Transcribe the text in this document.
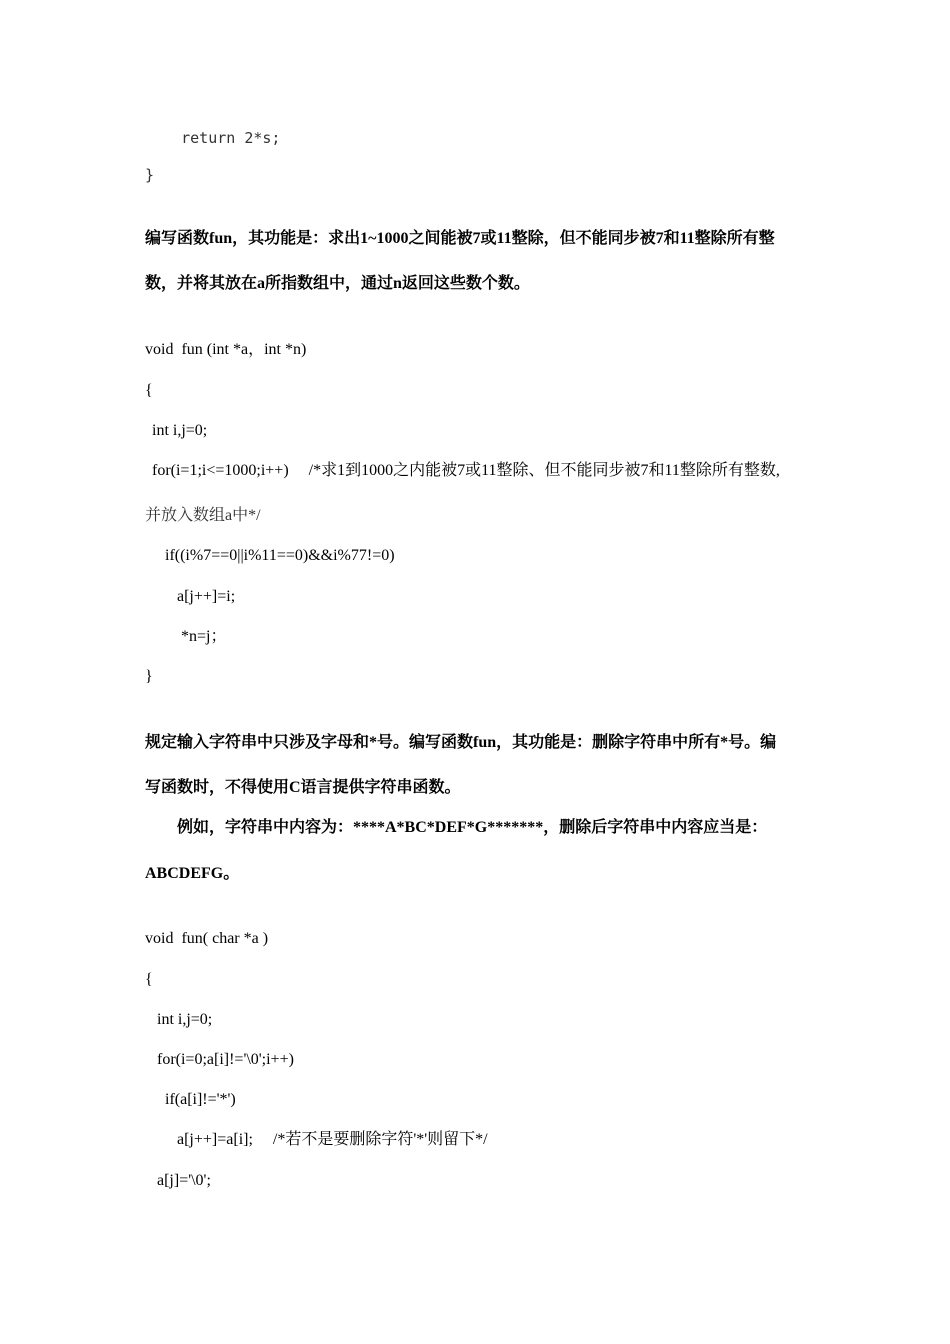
return 2*s;
}
编写函数fun，其功能是：求出1~1000之间能被7或11整除，但不能同步被7和11整除所有整
数，并将其放在a所指数组中，通过n返回这些数个数。
void  fun (int *a，int *n)
{
int i,j=0;
for(i=1;i<=1000;i++)     /*求1到1000之内能被7或11整除、但不能同步被7和11整除所有整数,
并放入数组a中*/
if((i%7==0||i%11==0)&&i%77!=0)
a[j++]=i;
*n=j；
}
规定输入字符串中只涉及字母和*号。编写函数fun，其功能是：删除字符串中所有*号。编
写函数时，不得使用C语言提供字符串函数。
例如，字符串中内容为：****A*BC*DEF*G*******，删除后字符串中内容应当是：
ABCDEFG。
void  fun( char *a )
{
int i,j=0;
for(i=0;a[i]!='\0';i++)
if(a[i]!='*')
a[j++]=a[i];     /*若不是要删除字符'*'则留下*/
a[j]='\0';
